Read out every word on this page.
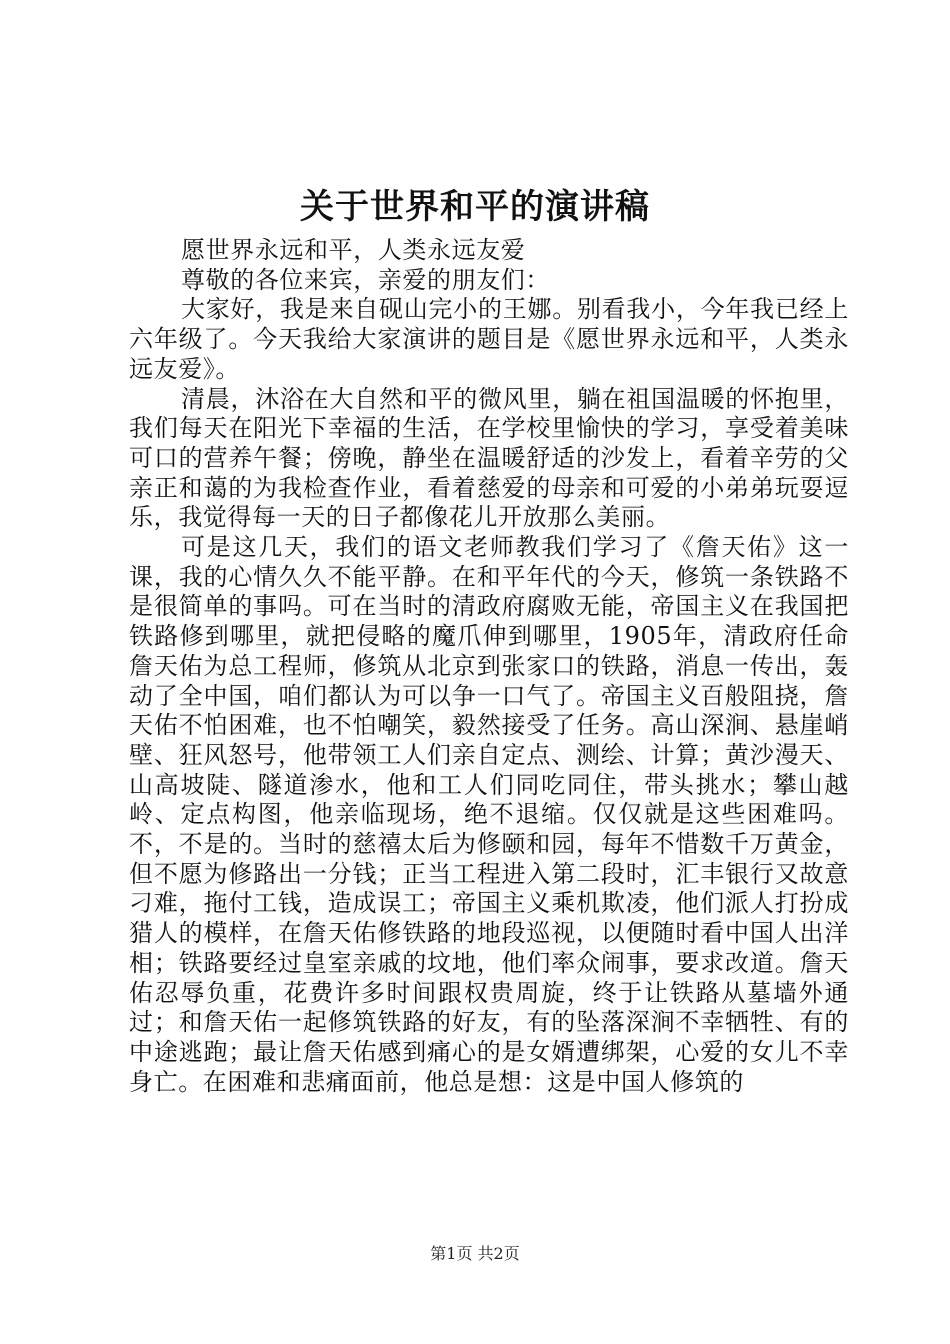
关于世界和平的演讲稿

愿世界永远和平，人类永远友爱

尊敬的各位来宾，亲爱的朋友们：

大家好，我是来自砚山完小的王娜。别看我小，今年我已经上六年级了。今天我给大家演讲的题目是《愿世界永远和平，人类永远友爱》。

清晨，沐浴在大自然和平的微风里，躺在祖国温暖的怀抱里，我们每天在阳光下幸福的生活，在学校里愉快的学习，享受着美味可口的营养午餐；傍晚，静坐在温暖舒适的沙发上，看着辛劳的父亲正和蔼的为我检查作业，看着慈爱的母亲和可爱的小弟弟玩耍逗乐，我觉得每一天的日子都像花儿开放那么美丽。

可是这几天，我们的语文老师教我们学习了《詹天佑》这一课，我的心情久久不能平静。在和平年代的今天，修筑一条铁路不是很简单的事吗。可在当时的清政府腐败无能，帝国主义在我国把铁路修到哪里，就把侵略的魔爪伸到哪里，1905年，清政府任命詹天佑为总工程师，修筑从北京到张家口的铁路，消息一传出，轰动了全中国，咱们都认为可以争一口气了。帝国主义百般阻挠，詹天佑不怕困难，也不怕嘲笑，毅然接受了任务。高山深涧、悬崖峭壁、狂风怒号，他带领工人们亲自定点、测绘、计算；黄沙漫天、山高坡陡、隧道渗水，他和工人们同吃同住，带头挑水；攀山越岭、定点构图，他亲临现场，绝不退缩。仅仅就是这些困难吗。不，不是的。当时的慈禧太后为修颐和园，每年不惜数千万黄金，但不愿为修路出一分钱；正当工程进入第二段时，汇丰银行又故意刁难，拖付工钱，造成误工；帝国主义乘机欺凌，他们派人打扮成猎人的模样，在詹天佑修铁路的地段巡视，以便随时看中国人出洋相；铁路要经过皇室亲戚的坟地，他们率众闹事，要求改道。詹天佑忍辱负重，花费许多时间跟权贵周旋，终于让铁路从墓墙外通过；和詹天佑一起修筑铁路的好友，有的坠落深涧不幸牺牲、有的中途逃跑；最让詹天佑感到痛心的是女婿遭绑架，心爱的女儿不幸身亡。在困难和悲痛面前，他总是想：这是中国人修筑的

第1页 共2页
